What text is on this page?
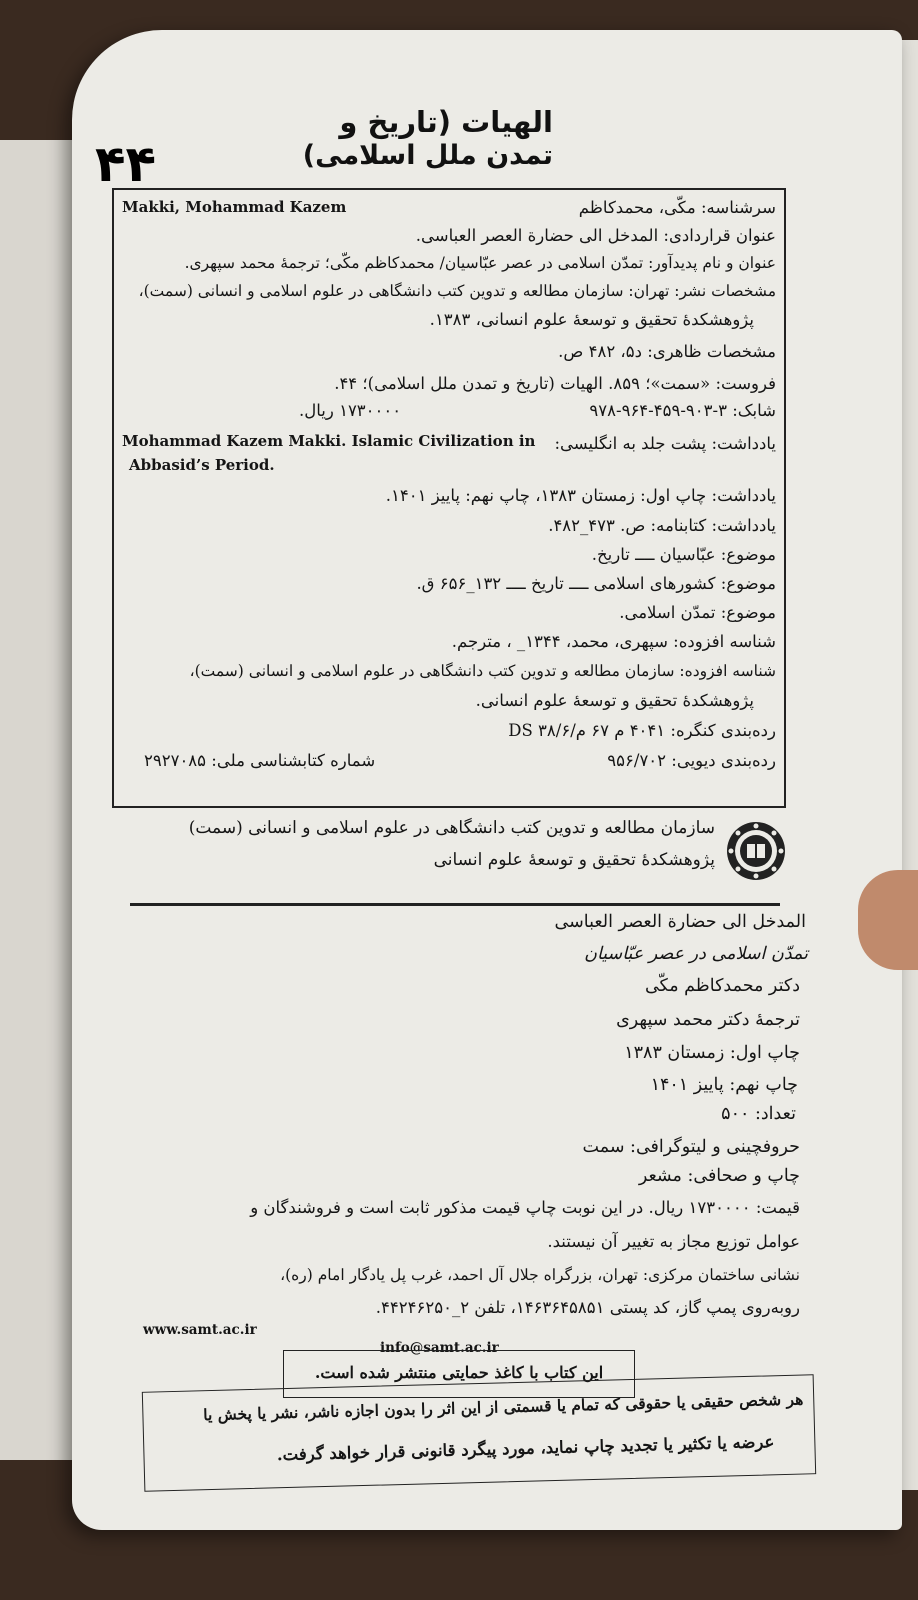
الهیات (تاریخ و
تمدن ملل اسلامی)
۴۴
سرشناسه: مکّی، محمدکاظم
Makki, Mohammad Kazem
عنوان قراردادی: المدخل الی حضارة العصر العباسی.
عنوان و نام پدیدآور: تمدّن اسلامی در عصر عبّاسیان/ محمدکاظم مکّی؛ ترجمۀ محمد سپهری.
مشخصات نشر: تهران: سازمان مطالعه و تدوین کتب دانشگاهی در علوم اسلامی و انسانی (سمت)،
پژوهشکدۀ تحقیق و توسعۀ علوم انسانی، ۱۳۸۳.
مشخصات ظاهری: د۵، ۴۸۲ ص.
فروست: «سمت»؛ ۸۵۹. الهیات (تاریخ و تمدن ملل اسلامی)؛ ۴۴.
شابک: ۳-۹۰۳-۴۵۹-۹۶۴-۹۷۸
۱۷۳۰۰۰۰ ریال.
یادداشت: پشت جلد به انگلیسی:
Mohammad Kazem Makki. Islamic Civilization in
Abbasid’s Period.
یادداشت: چاپ اول: زمستان ۱۳۸۳، چاپ نهم: پاییز ۱۴۰۱.
یادداشت: کتابنامه: ص. ۴۷۳_۴۸۲.
موضوع: عبّاسیان ــــ تاریخ.
موضوع: کشورهای اسلامی ــــ تاریخ ــــ ۱۳۲_۶۵۶ ق.
موضوع: تمدّن اسلامی.
شناسه افزوده: سپهری، محمد، ۱۳۴۴_ ، مترجم.
شناسه افزوده: سازمان مطالعه و تدوین کتب دانشگاهی در علوم اسلامی و انسانی (سمت)،
پژوهشکدۀ تحقیق و توسعۀ علوم انسانی.
رده‌بندی کنگره: ۴۰۴۱ م ۶۷ م/۳۸/۶ DS
رده‌بندی دیویی: ۹۵۶/۷۰۲
شماره کتابشناسی ملی: ۲۹۲۷۰۸۵
سازمان مطالعه و تدوین کتب دانشگاهی در علوم اسلامی و انسانی (سمت)
پژوهشکدۀ تحقیق و توسعۀ علوم انسانی
المدخل الی حضارة العصر العباسی
تمدّن اسلامی در عصر عبّاسیان
دکتر محمدکاظم مکّی
ترجمۀ دکتر محمد سپهری
چاپ اول: زمستان ۱۳۸۳
چاپ نهم: پاییز ۱۴۰۱
تعداد: ۵۰۰
حروفچینی و لیتوگرافی: سمت
چاپ و صحافی: مشعر
قیمت: ۱۷۳۰۰۰۰ ریال. در این نوبت چاپ قیمت مذکور ثابت است و فروشندگان و
عوامل توزیع مجاز به تغییر آن نیستند.
نشانی ساختمان مرکزی: تهران، بزرگراه جلال آل احمد، غرب پل یادگار امام (ره)،
روبه‌روی پمپ گاز، کد پستی ۱۴۶۳۶۴۵۸۵۱، تلفن ۲_۴۴۲۴۶۲۵۰.
www.samt.ac.ir
info@samt.ac.ir
این کتاب با کاغذ حمایتی منتشر شده است.
هر شخص حقیقی یا حقوقی که تمام یا قسمتی از این اثر را بدون اجازه ناشر، نشر یا پخش یا
عرضه یا تکثیر یا تجدید چاپ نماید، مورد پیگرد قانونی قرار خواهد گرفت.
